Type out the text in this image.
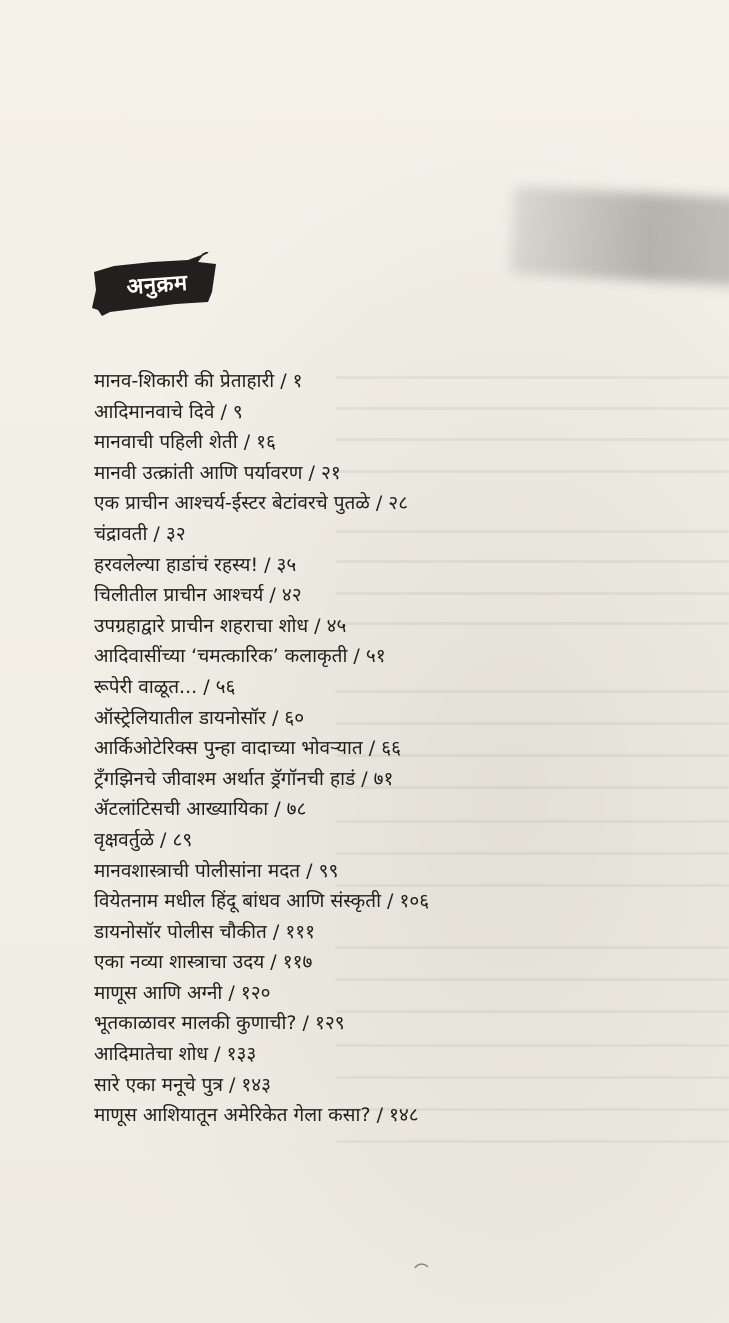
अनुक्रम
मानव-शिकारी की प्रेताहारी / १
आदिमानवाचे दिवे / ९
मानवाची पहिली शेती / १६
मानवी उत्क्रांती आणि पर्यावरण / २१
एक प्राचीन आश्चर्य-ईस्टर बेटांवरचे पुतळे / २८
चंद्रावती / ३२
हरवलेल्या हाडांचं रहस्य! / ३५
चिलीतील प्राचीन आश्चर्य / ४२
उपग्रहाद्वारे प्राचीन शहराचा शोध / ४५
आदिवासींच्या ‘चमत्कारिक’ कलाकृती / ५१
रूपेरी वाळूत... / ५६
ऑस्ट्रेलियातील डायनोसॉर / ६०
आर्किओटेरिक्स पुन्हा वादाच्या भोवऱ्यात / ६६
ट्रॅंगझिनचे जीवाश्म अर्थात ड्रॅगॉनची हाडं / ७१
ॲटलांटिसची आख्यायिका / ७८
वृक्षवर्तुळे / ८९
मानवशास्त्राची पोलीसांना मदत / ९९
वियेतनाम मधील हिंदू बांधव आणि संस्कृती / १०६
डायनोसॉर पोलीस चौकीत / १११
एका नव्या शास्त्राचा उदय / ११७
माणूस आणि अग्नी / १२०
भूतकाळावर मालकी कुणाची? / १२९
आदिमातेचा शोध / १३३
सारे एका मनूचे पुत्र / १४३
माणूस आशियातून अमेरिकेत गेला कसा? / १४८
